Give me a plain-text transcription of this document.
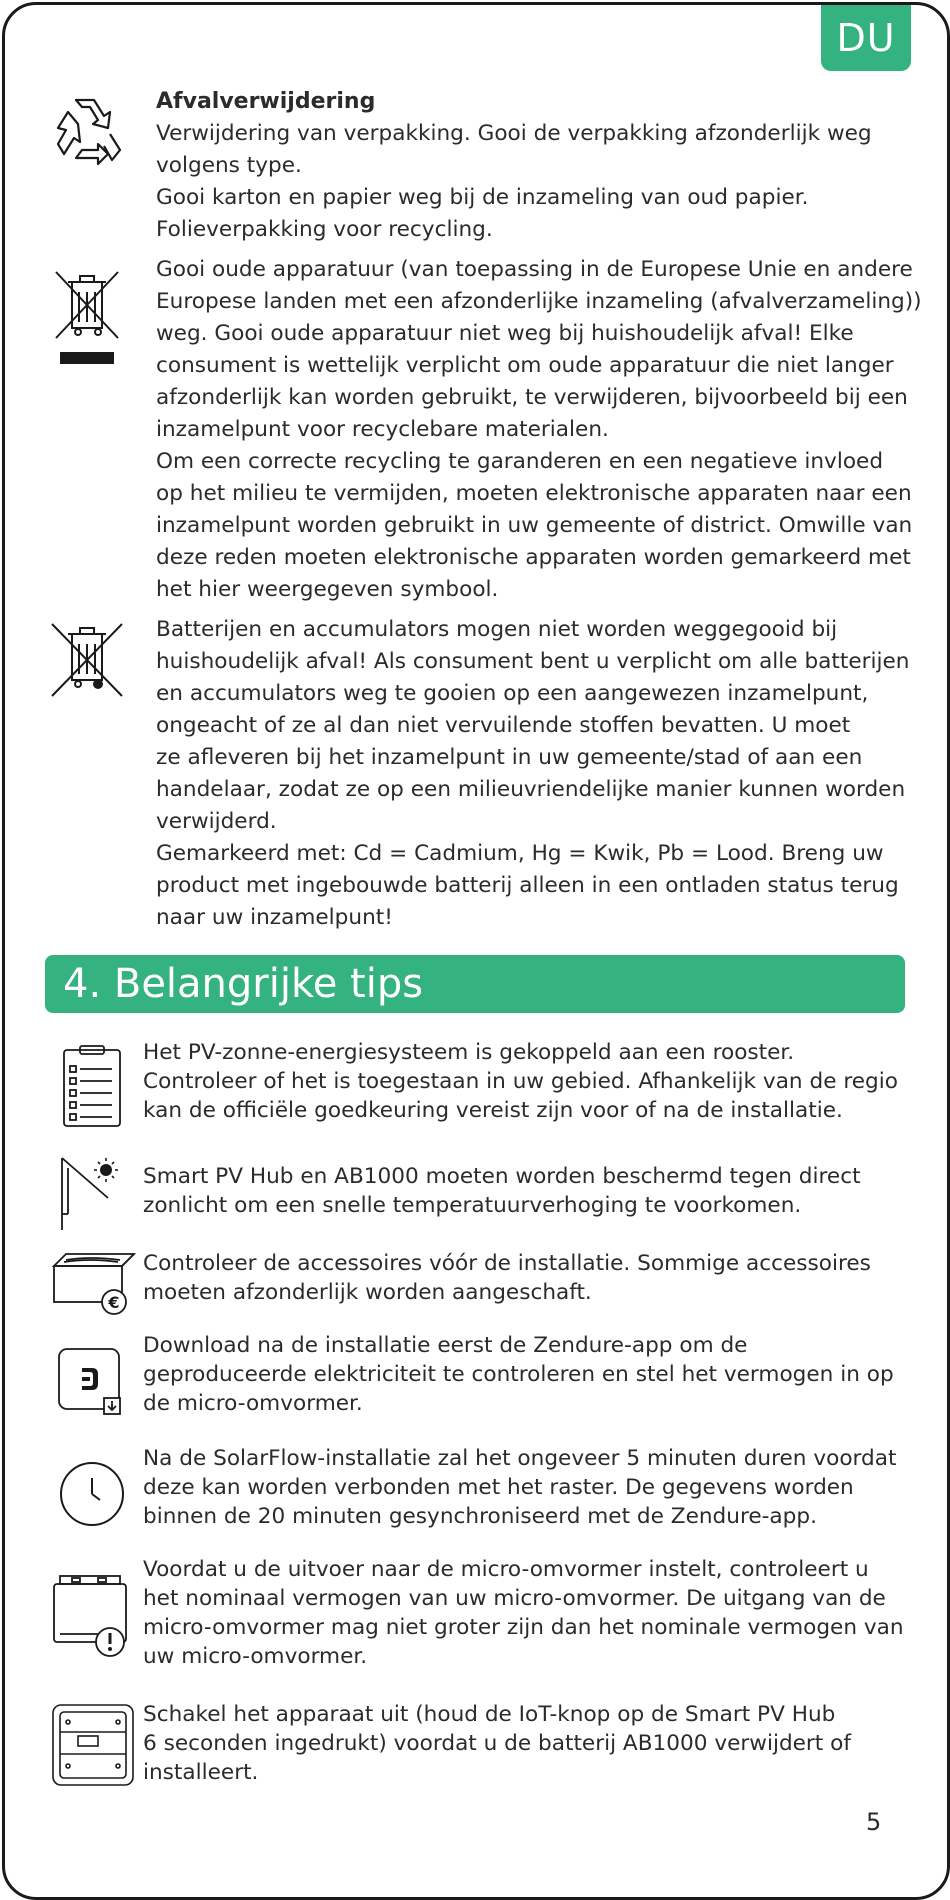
DU

Afvalverwijdering

Verwijdering van verpakking. Gooi de verpakking afzonderlijk weg

volgens type.

Gooi karton en papier weg bij de inzameling van oud papier.

Folieverpakking voor recycling.

Gooi oude apparatuur (van toepassing in de Europese Unie en andere

Europese landen met een afzonderlijke inzameling (afvalverzameling))

weg. Gooi oude apparatuur niet weg bij huishoudelijk afval! Elke

consument is wettelijk verplicht om oude apparatuur die niet langer

afzonderlijk kan worden gebruikt, te verwijderen, bijvoorbeeld bij een

inzamelpunt voor recyclebare materialen.

Om een correcte recycling te garanderen en een negatieve invloed

op het milieu te vermijden, moeten elektronische apparaten naar een

inzamelpunt worden gebruikt in uw gemeente of district. Omwille van

deze reden moeten elektronische apparaten worden gemarkeerd met

het hier weergegeven symbool.

Batterijen en accumulators mogen niet worden weggegooid bij

huishoudelijk afval! Als consument bent u verplicht om alle batterijen

en accumulators weg te gooien op een aangewezen inzamelpunt,

ongeacht of ze al dan niet vervuilende stoffen bevatten. U moet

ze afleveren bij het inzamelpunt in uw gemeente/stad of aan een

handelaar, zodat ze op een milieuvriendelijke manier kunnen worden

verwijderd.

Gemarkeerd met: Cd = Cadmium, Hg = Kwik, Pb = Lood. Breng uw

product met ingebouwde batterij alleen in een ontladen status terug

naar uw inzamelpunt!

4. Belangrijke tips

Het PV-zonne-energiesysteem is gekoppeld aan een rooster.

Controleer of het is toegestaan in uw gebied. Afhankelijk van de regio

kan de officiële goedkeuring vereist zijn voor of na de installatie.

Smart PV Hub en AB1000 moeten worden beschermd tegen direct

zonlicht om een snelle temperatuurverhoging te voorkomen.

€

Controleer de accessoires vóór de installatie. Sommige accessoires

moeten afzonderlijk worden aangeschaft.

Download na de installatie eerst de Zendure-app om de

geproduceerde elektriciteit te controleren en stel het vermogen in op

de micro-omvormer.

Na de SolarFlow-installatie zal het ongeveer 5 minuten duren voordat

deze kan worden verbonden met het raster. De gegevens worden

binnen de 20 minuten gesynchroniseerd met de Zendure-app.

Voordat u de uitvoer naar de micro-omvormer instelt, controleert u

het nominaal vermogen van uw micro-omvormer. De uitgang van de

micro-omvormer mag niet groter zijn dan het nominale vermogen van

uw micro-omvormer.

Schakel het apparaat uit (houd de IoT-knop op de Smart PV Hub

6 seconden ingedrukt) voordat u de batterij AB1000 verwijdert of

installeert.

5
